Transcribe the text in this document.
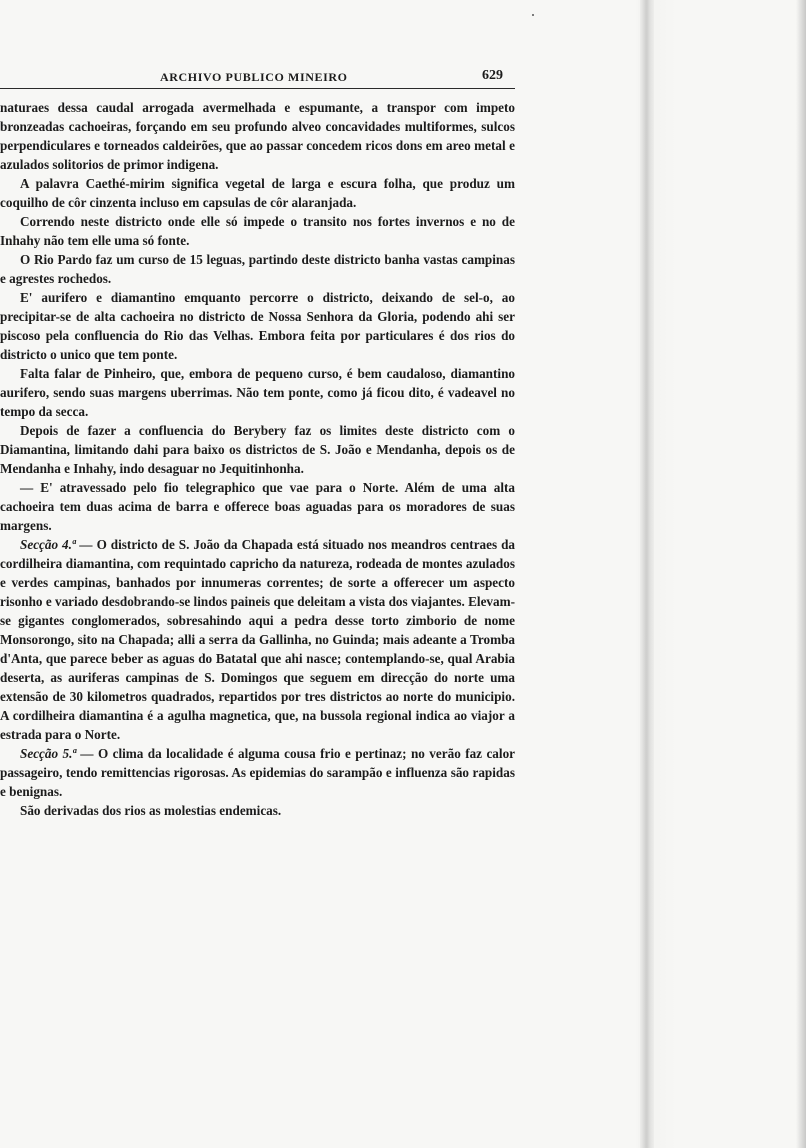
ARCHIVO PUBLICO MINEIRO	629

naturaes dessa caudal arrogada avermelhada e espumante, a transpor com impeto bronzeadas cachoeiras, forçando em seu profundo alveo concavidades multiformes, sulcos perpendiculares e torneados caldeirões, que ao passar concedem ricos dons em areo metal e azulados solitorios de primor indigena.

A palavra Caethé-mirim significa vegetal de larga e escura folha, que produz um coquilho de côr cinzenta incluso em capsulas de côr alaranjada.

Correndo neste districto onde elle só impede o transito nos fortes invernos e no de Inhahy não tem elle uma só fonte.

O Rio Pardo faz um curso de 15 leguas, partindo deste districto banha vastas campinas e agrestes rochedos.

E' aurifero e diamantino emquanto percorre o districto, deixando de sel-o, ao precipitar-se de alta cachoeira no districto de Nossa Senhora da Gloria, podendo ahi ser piscoso pela confluencia do Rio das Velhas. Embora feita por particulares é dos rios do districto o unico que tem ponte.

Falta falar de Pinheiro, que, embora de pequeno curso, é bem caudaloso, diamantino aurifero, sendo suas margens uberrimas. Não tem ponte, como já ficou dito, é vadeavel no tempo da secca.

Depois de fazer a confluencia do Berybery faz os limites deste districto com o Diamantina, limitando dahi para baixo os districtos de S. João e Mendanha, depois os de Mendanha e Inhahy, indo desaguar no Jequitinhonha.

— E' atravessado pelo fio telegraphico que vae para o Norte. Além de uma alta cachoeira tem duas acima de barra e offerece boas aguadas para os moradores de suas margens.

Secção 4.ª — O districto de S. João da Chapada está situado nos meandros centraes da cordilheira diamantina, com requintado capricho da natureza, rodeada de montes azulados e verdes campinas, banhados por innumeras correntes; de sorte a offerecer um aspecto risonho e variado desdobrando-se lindos paineis que deleitam a vista dos viajantes. Elevam-se gigantes conglomerados, sobresahindo aqui a pedra desse torto zimborio de nome Monsorongo, sito na Chapada; alli a serra da Gallinha, no Guinda; mais adeante a Tromba d'Anta, que parece beber as aguas do Batatal que ahi nasce; contemplando-se, qual Arabia deserta, as auriferas campinas de S. Domingos que seguem em direcção do norte uma extensão de 30 kilometros quadrados, repartidos por tres districtos ao norte do municipio. A cordilheira diamantina é a agulha magnetica, que, na bussola regional indica ao viajor a estrada para o Norte.

Secção 5.ª — O clima da localidade é alguma cousa frio e pertinaz; no verão faz calor passageiro, tendo remittencias rigorosas. As epidemias do sarampão e influenza são rapidas e benignas.

São derivadas dos rios as molestias endemicas.
